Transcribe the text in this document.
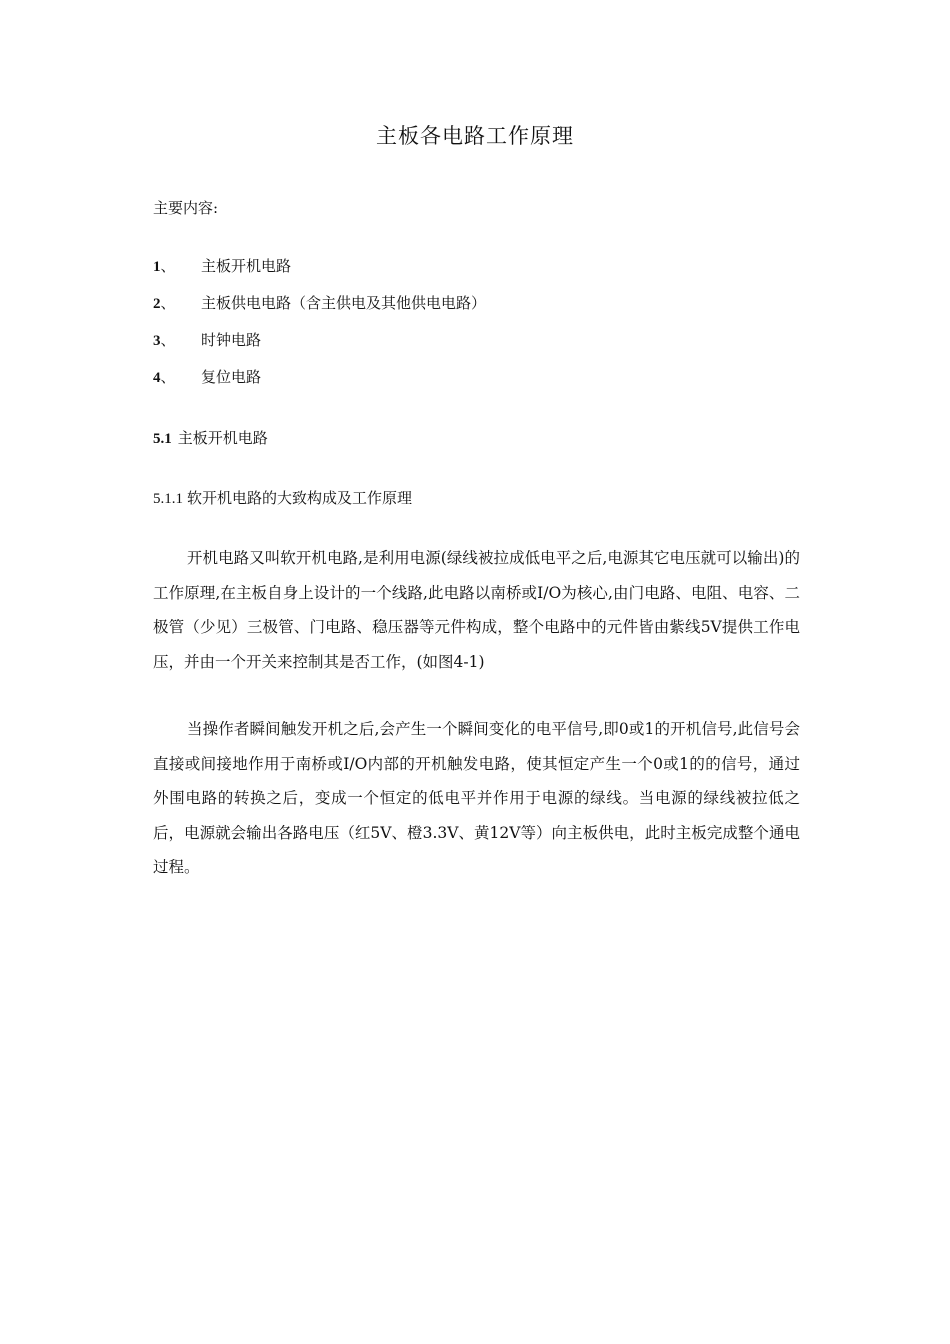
主板各电路工作原理
主要内容:
1、	主板开机电路
2、	主板供电电路（含主供电及其他供电电路）
3、	时钟电路
4、	复位电路
5.1 主板开机电路
5.1.1 软开机电路的大致构成及工作原理

开机电路又叫软开机电路,是利用电源(绿线被拉成低电平之后,电源其它电压就可以输出)的工作原理,在主板自身上设计的一个线路,此电路以南桥或I/O为核心,由门电路、电阻、电容、二极管（少见）三极管、门电路、稳压器等元件构成，整个电路中的元件皆由紫线5V提供工作电压，并由一个开关来控制其是否工作，(如图4-1)

当操作者瞬间触发开机之后,会产生一个瞬间变化的电平信号,即0或1的开机信号,此信号会直接或间接地作用于南桥或I/O内部的开机触发电路，使其恒定产生一个0或1的的信号，通过外围电路的转换之后，变成一个恒定的低电平并作用于电源的绿线。当电源的绿线被拉低之后，电源就会输出各路电压（红5V、橙3.3V、黄12V等）向主板供电，此时主板完成整个通电过程。
